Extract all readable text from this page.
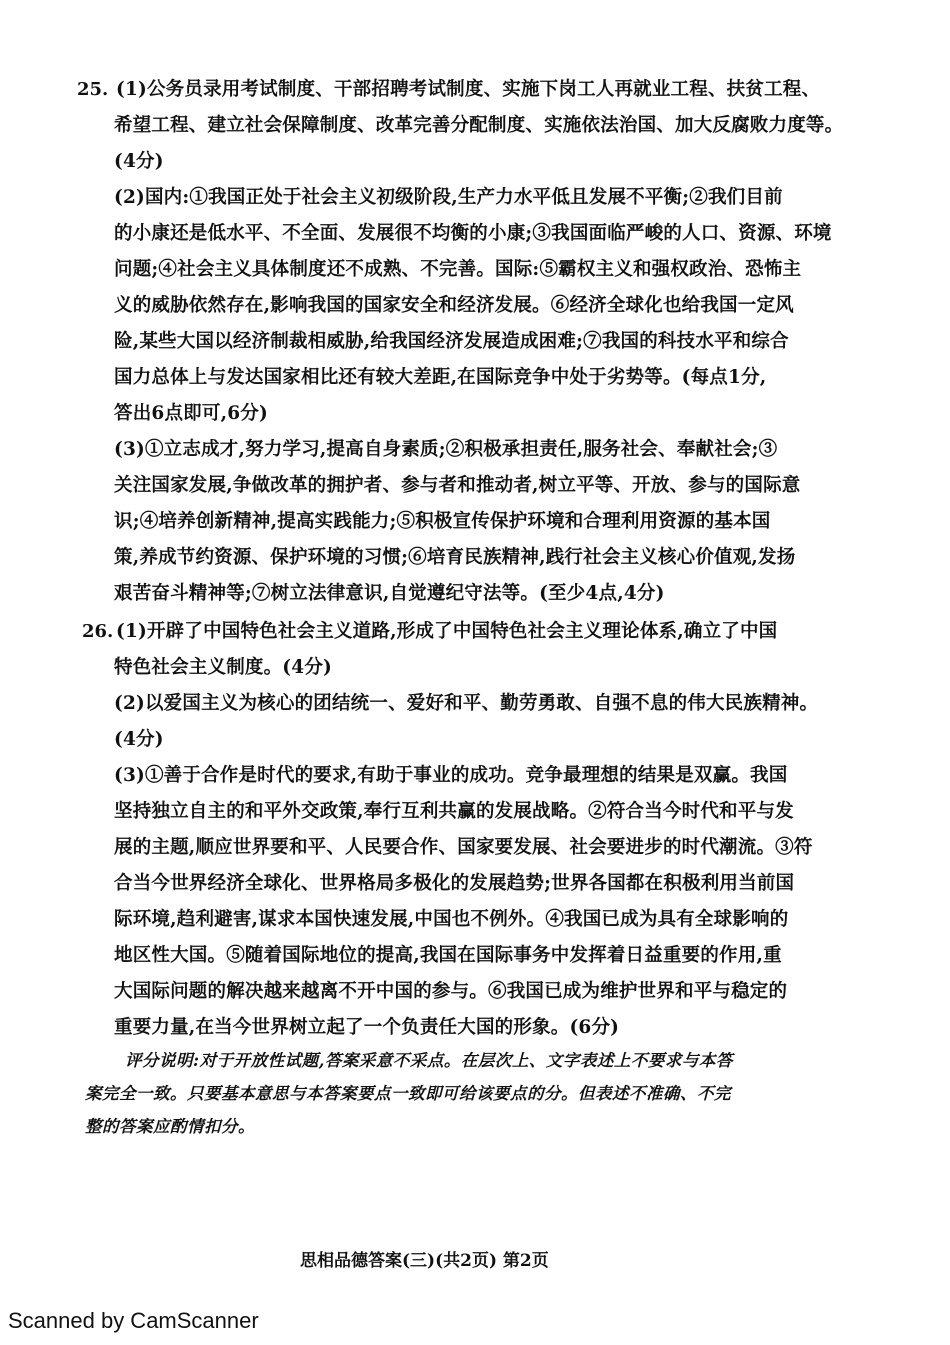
25. (1)公务员录用考试制度、干部招聘考试制度、实施下岗工人再就业工程、扶贫工程、
希望工程、建立社会保障制度、改革完善分配制度、实施依法治国、加大反腐败力度等。
(4分)
(2)国内:①我国正处于社会主义初级阶段,生产力水平低且发展不平衡;②我们目前
的小康还是低水平、不全面、发展很不均衡的小康;③我国面临严峻的人口、资源、环境
问题;④社会主义具体制度还不成熟、不完善。国际:⑤霸权主义和强权政治、恐怖主
义的威胁依然存在,影响我国的国家安全和经济发展。⑥经济全球化也给我国一定风
险,某些大国以经济制裁相威胁,给我国经济发展造成困难;⑦我国的科技水平和综合
国力总体上与发达国家相比还有较大差距,在国际竞争中处于劣势等。(每点1分,
答出6点即可,6分)
(3)①立志成才,努力学习,提高自身素质;②积极承担责任,服务社会、奉献社会;③
关注国家发展,争做改革的拥护者、参与者和推动者,树立平等、开放、参与的国际意
识;④培养创新精神,提高实践能力;⑤积极宣传保护环境和合理利用资源的基本国
策,养成节约资源、保护环境的习惯;⑥培育民族精神,践行社会主义核心价值观,发扬
艰苦奋斗精神等;⑦树立法律意识,自觉遵纪守法等。(至少4点,4分)
26. (1)开辟了中国特色社会主义道路,形成了中国特色社会主义理论体系,确立了中国
特色社会主义制度。(4分)
(2)以爱国主义为核心的团结统一、爱好和平、勤劳勇敢、自强不息的伟大民族精神。
(4分)
(3)①善于合作是时代的要求,有助于事业的成功。竞争最理想的结果是双赢。我国
坚持独立自主的和平外交政策,奉行互利共赢的发展战略。②符合当今时代和平与发
展的主题,顺应世界要和平、人民要合作、国家要发展、社会要进步的时代潮流。③符
合当今世界经济全球化、世界格局多极化的发展趋势;世界各国都在积极利用当前国
际环境,趋利避害,谋求本国快速发展,中国也不例外。④我国已成为具有全球影响的
地区性大国。⑤随着国际地位的提高,我国在国际事务中发挥着日益重要的作用,重
大国际问题的解决越来越离不开中国的参与。⑥我国已成为维护世界和平与稳定的
重要力量,在当今世界树立起了一个负责任大国的形象。(6分)
评分说明:对于开放性试题,答案采意不采点。在层次上、文字表述上不要求与本答
案完全一致。只要基本意思与本答案要点一致即可给该要点的分。但表述不准确、不完
整的答案应酌情扣分。
思相品德答案(三)(共2页) 第2页
Scanned by CamScanner
